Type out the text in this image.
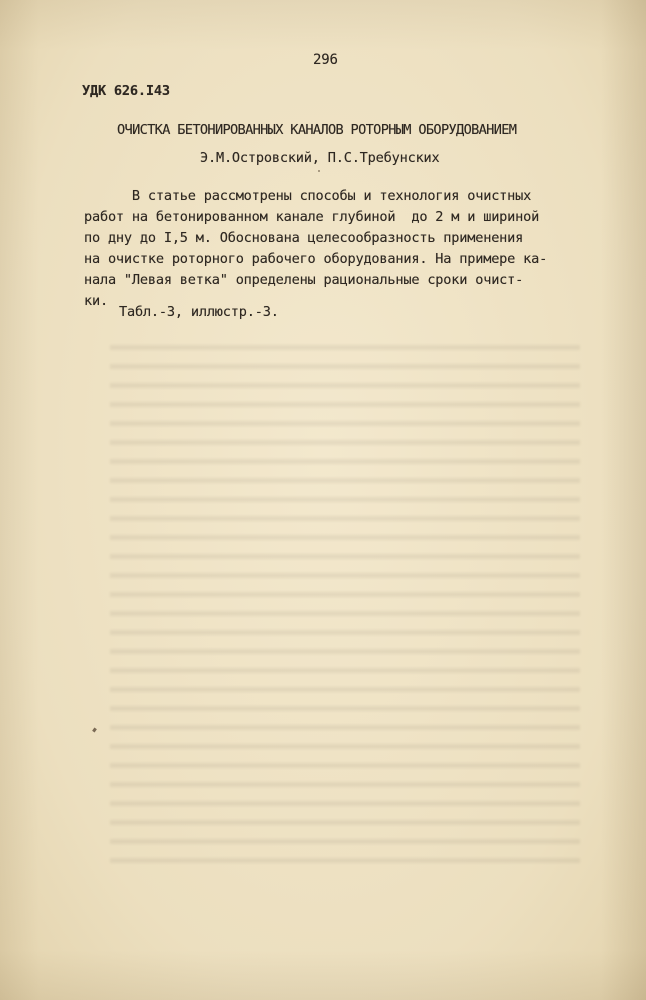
296
УДК 626.I43
ОЧИСТКА БЕТОНИРОВАННЫХ КАНАЛОВ РОТОРНЫМ ОБОРУДОВАНИЕМ
Э.М.Островский, П.С.Требунских
В статье рассмотрены способы и технология очистных
работ на бетонированном канале глубиной  до 2 м и шириной
по дну до I,5 м. Обоснована целесообразность применения
на очистке роторного рабочего оборудования. На примере ка-
нала "Левая ветка" определены рациональные сроки очист-
ки.
Табл.-3, иллюстр.-3.
